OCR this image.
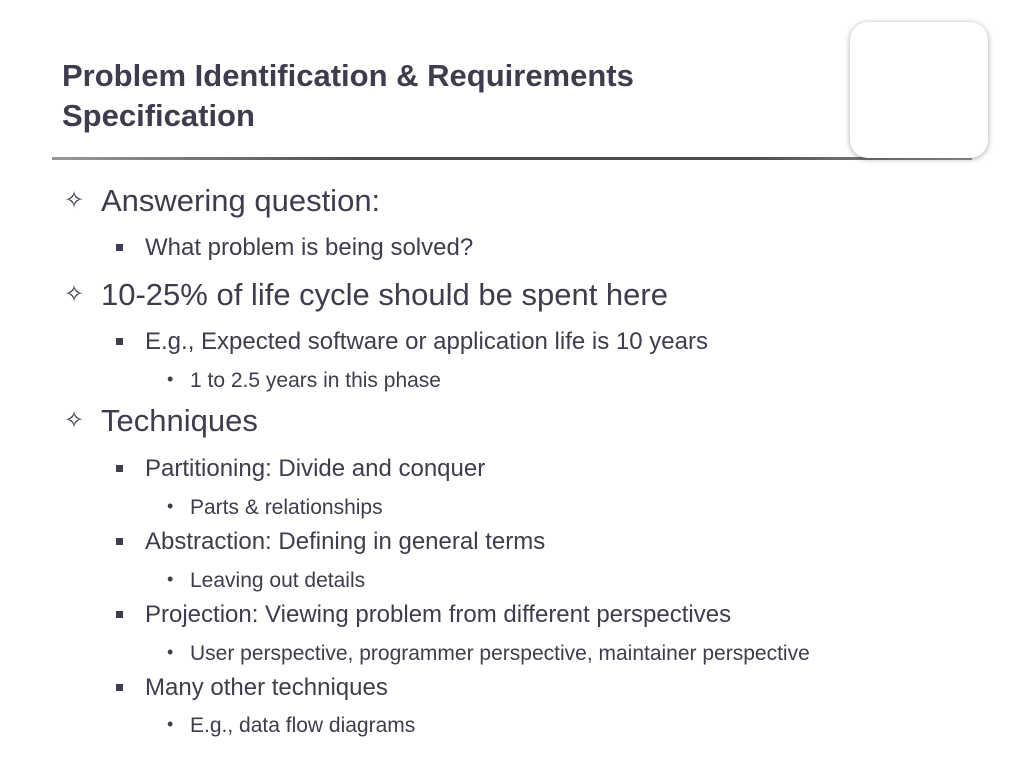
Problem Identification & Requirements Specification
✧ Answering question:
What problem is being solved?
✧ 10-25% of life cycle should be spent here
E.g., Expected software or application life is 10 years
• 1 to 2.5 years in this phase
✧ Techniques
Partitioning: Divide and conquer
• Parts & relationships
Abstraction: Defining in general terms
• Leaving out details
Projection: Viewing problem from different perspectives
• User perspective, programmer perspective, maintainer perspective
Many other techniques
• E.g., data flow diagrams
